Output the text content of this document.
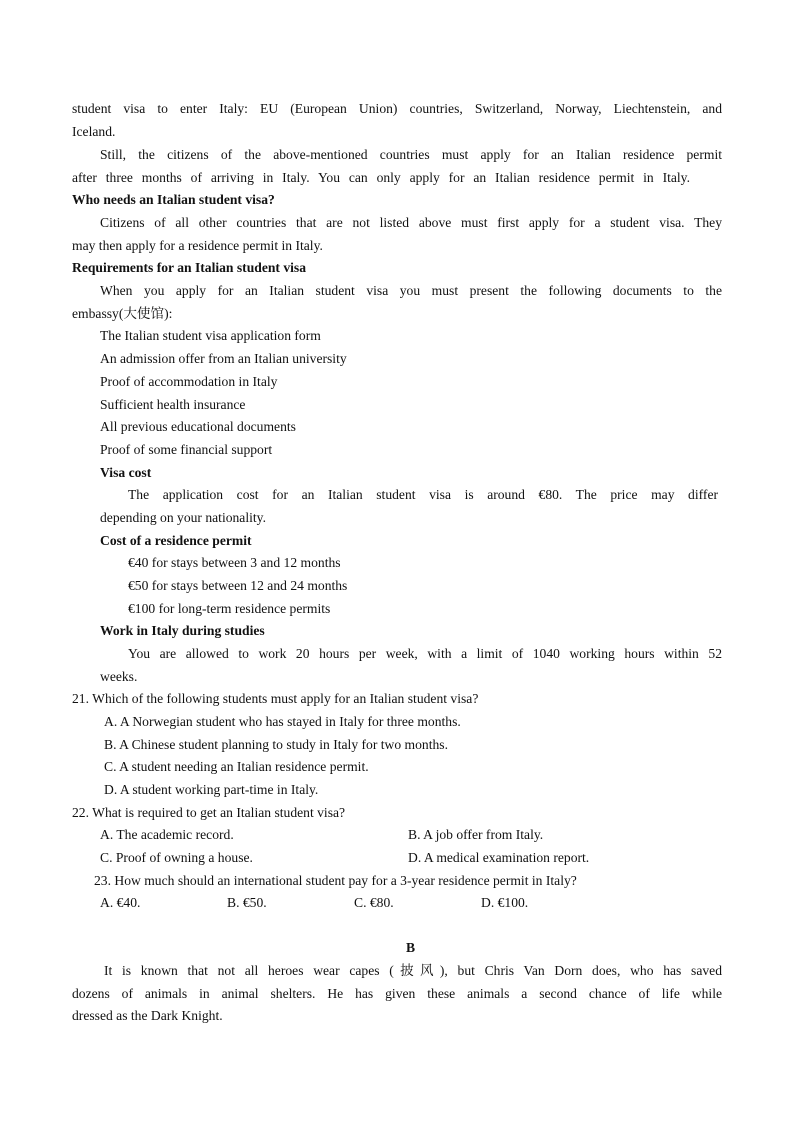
student visa to enter Italy: EU (European Union) countries, Switzerland, Norway, Liechtenstein, and
Iceland.
Still, the citizens of the above-mentioned countries must apply for an Italian residence permit
after three months of arriving in Italy. You can only apply for an Italian residence permit in Italy.
Who needs an Italian student visa?
Citizens of all other countries that are not listed above must first apply for a student visa. They
may then apply for a residence permit in Italy.
Requirements for an Italian student visa
When you apply for an Italian student visa you must present the following documents to the
embassy(大使馆):
The Italian student visa application form
An admission offer from an Italian university
Proof of accommodation in Italy
Sufficient health insurance
All previous educational documents
Proof of some financial support
Visa cost
The application cost for an Italian student visa is around €80. The price may differ
depending on your nationality.
Cost of a residence permit
€40 for stays between 3 and 12 months
€50 for stays between 12 and 24 months
€100 for long-term residence permits
Work in Italy during studies
You are allowed to work 20 hours per week, with a limit of 1040 working hours within 52
weeks.
21. Which of the following students must apply for an Italian student visa?
A. A Norwegian student who has stayed in Italy for three months.
B. A Chinese student planning to study in Italy for two months.
C. A student needing an Italian residence permit.
D. A student working part-time in Italy.
22. What is required to get an Italian student visa?
A. The academic record.	B. A job offer from Italy.
C. Proof of owning a house.	D. A medical examination report.
23. How much should an international student pay for a 3-year residence permit in Italy?
A. €40.	B. €50.	C. €80.	D. €100.
B
It is known that not all heroes wear capes (披风), but Chris Van Dorn does, who has saved
dozens of animals in animal shelters. He has given these animals a second chance of life while
dressed as the Dark Knight.
